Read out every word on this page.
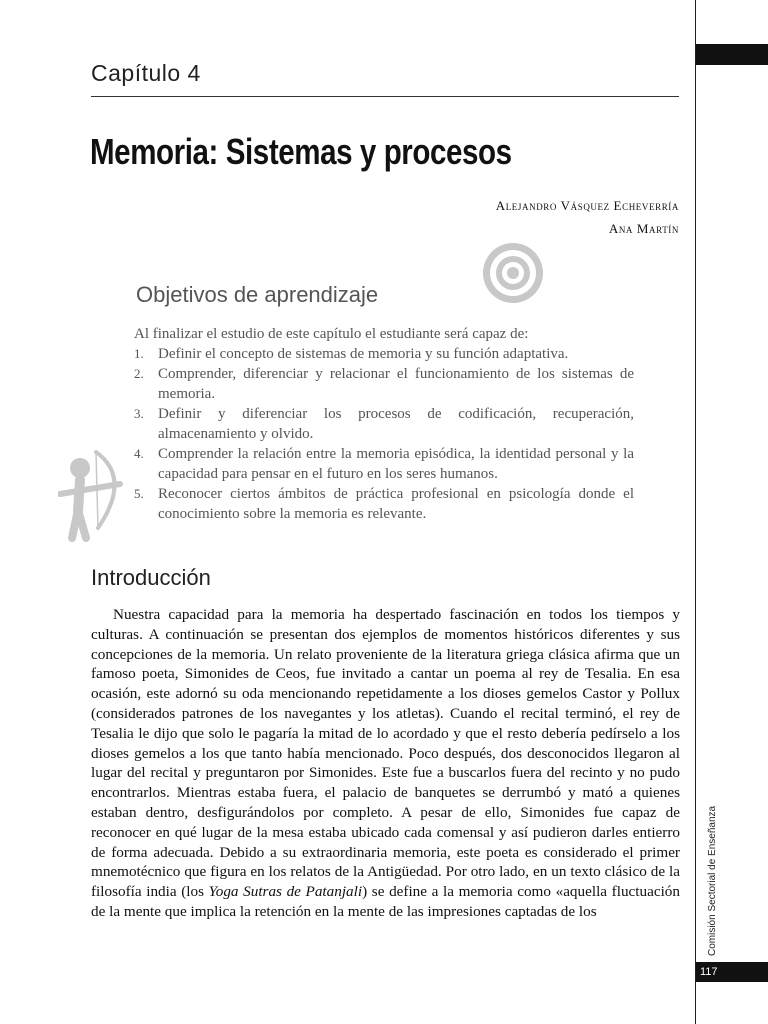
Comisión Sectorial de Enseñanza
117
Capítulo 4
Memoria: Sistemas y procesos
Alejandro Vásquez Echeverría
Ana Martín
Objetivos de aprendizaje

Al finalizar el estudio de este capítulo el estudiante será capaz de:

1. Definir el concepto de sistemas de memoria y su función adaptativa.
2. Comprender, diferenciar y relacionar el funcionamiento de los sistemas de memoria.
3. Definir y diferenciar los procesos de codificación, recuperación, almacenamiento y olvido.
4. Comprender la relación entre la memoria episódica, la identidad personal y la capacidad para pensar en el futuro en los seres humanos.
5. Reconocer ciertos ámbitos de práctica profesional en psicología donde el conocimiento sobre la memoria es relevante.
Introducción

Nuestra capacidad para la memoria ha despertado fascinación en todos los tiempos y culturas. A continuación se presentan dos ejemplos de momentos históricos diferentes y sus concepciones de la memoria. Un relato proveniente de la literatura griega clásica afirma que un famoso poeta, Simonides de Ceos, fue invitado a cantar un poema al rey de Tesalia. En esa ocasión, este adornó su oda mencionando repetidamente a los dioses gemelos Castor y Pollux (considerados patrones de los navegantes y los atletas). Cuando el recital terminó, el rey de Tesalia le dijo que solo le pagaría la mitad de lo acordado y que el resto debería pedírselo a los dioses gemelos a los que tanto había mencionado. Poco después, dos desconocidos llegaron al lugar del recital y preguntaron por Simonides. Este fue a buscarlos fuera del recinto y no pudo encontrarlos. Mientras estaba fuera, el palacio de banquetes se derrumbó y mató a quienes estaban dentro, desfigurándolos por completo. A pesar de ello, Simonides fue capaz de reconocer en qué lugar de la mesa estaba ubicado cada comensal y así pudieron darles entierro de forma adecuada. Debido a su extraordinaria memoria, este poeta es considerado el primer mnemotécnico que figura en los relatos de la Antigüedad. Por otro lado, en un texto clásico de la filosofía india (los Yoga Sutras de Patanjali) se define a la memoria como «aquella fluctuación de la mente que implica la retención en la mente de las impresiones captadas de los
